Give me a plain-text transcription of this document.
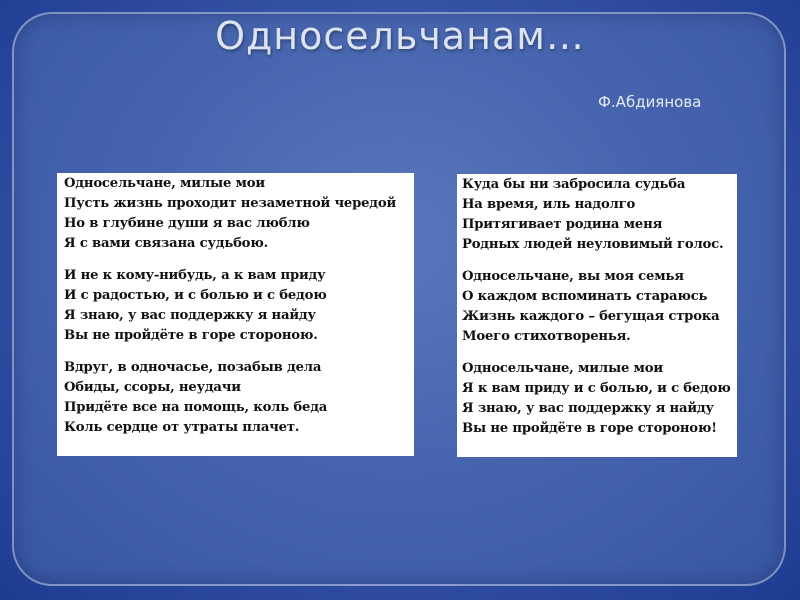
Односельчанам…
Ф.Абдиянова
Односельчане, милые мои
Пусть жизнь проходит незаметной чередой
Но в глубине души я вас люблю
Я с вами связана судьбою.
И не к кому-нибудь, а к вам приду
И с радостью, и с болью и с бедою
Я знаю, у вас поддержку я найду
Вы не пройдёте в горе стороною.
Вдруг, в одночасье, позабыв дела
Обиды, ссоры, неудачи
Придёте все на помощь, коль беда
Коль сердце от утраты плачет.
Куда бы ни забросила судьба
На время, иль надолго
Притягивает родина меня
Родных людей неуловимый голос.
Односельчане, вы моя семья
О каждом вспоминать стараюсь
Жизнь каждого – бегущая строка
Моего стихотворенья.
Односельчане, милые мои
Я к вам приду и с болью, и с бедою
Я знаю, у вас поддержку я найду
Вы не пройдёте в горе стороною!
